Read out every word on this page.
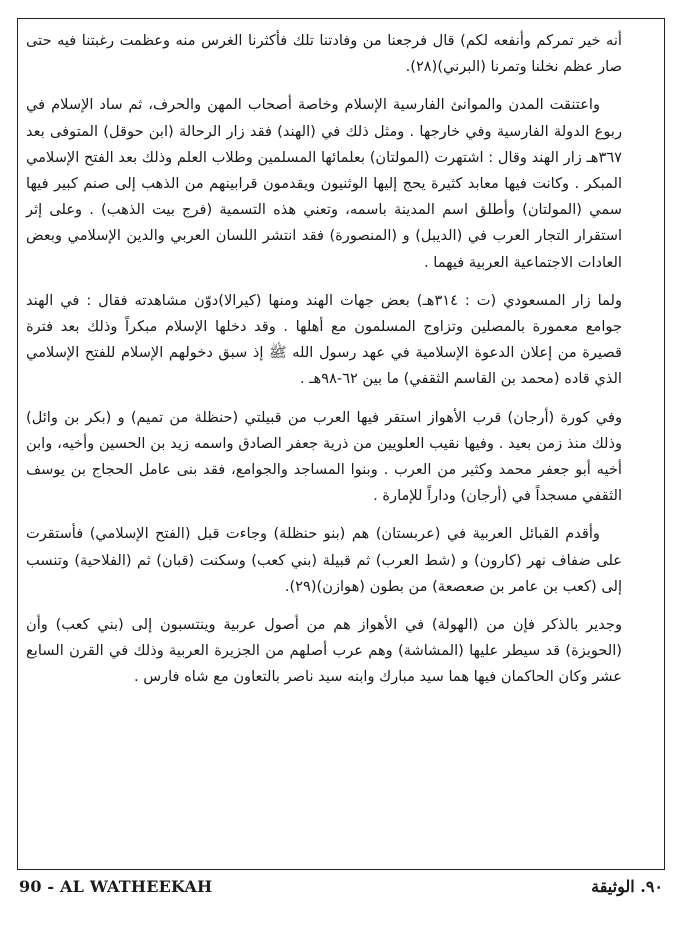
أنه خير تمركم وأنفعه لكم) قال فرجعنا من وفادتنا تلك فأكثرنا الغرس منه وعظمت رغبتنا فيه حتى صار عظم نخلنا وتمرنا (البرني)(٢٨).

واعتنقت المدن والموانئ الفارسية الإسلام وخاصة أصحاب المهن والحرف، ثم ساد الإسلام في ربوع الدولة الفارسية وفي خارجها . ومثل ذلك في (الهند) فقد زار الرحالة (ابن حوقل) المتوفى بعد ٣٦٧هـ زار الهند وقال : اشتهرت (المولتان) بعلمائها المسلمين وطلاب العلم وذلك بعد الفتح الإسلامي المبكر . وكانت فيها معابد كثيرة يحج إليها الوثنيون ويقدمون قرابينهم من الذهب إلى صنم كبير فيها سمي (المولتان) وأطلق اسم المدينة باسمه، وتعني هذه التسمية (فرج بيت الذهب) . وعلى إثر استقرار التجار العرب في (الديبل) و (المنصورة) فقد انتشر اللسان العربي والدين الإسلامي وبعض العادات الاجتماعية العربية فيهما .

ولما زار المسعودي (ت : ٣١٤هـ) بعض جهات الهند ومنها (كيرالا)دوّن مشاهدته فقال : في الهند جوامع معمورة بالمصلين وتزاوج المسلمون مع أهلها . وقد دخلها الإسلام مبكراً وذلك بعد فترة قصيرة من إعلان الدعوة الإسلامية في عهد رسول الله ﷺ إذ سبق دخولهم الإسلام للفتح الإسلامي الذي قاده (محمد بن القاسم الثقفي) ما بين ٦٢-٩٨هـ .

وفي كورة (أرجان) قرب الأهواز استقر فيها العرب من قبيلتي (حنظلة من تميم) و (بكر بن وائل) وذلك منذ زمن بعيد . وفيها نقيب العلويين من ذرية جعفر الصادق واسمه زيد بن الحسين وأخيه، وابن أخيه أبو جعفر محمد وكثير من العرب . وبنوا المساجد والجوامع، فقد بنى عامل الحجاج بن يوسف الثقفي مسجداً في (أرجان) وداراً للإمارة .

وأقدم القبائل العربية في (عربستان) هم (بنو حنظلة) وجاءت قبل (الفتح الإسلامي) فأستقرت على ضفاف نهر (كارون) و (شط العرب) ثم قبيلة (بني كعب) وسكنت (قبان) ثم (الفلاحية) وتنسب إلى (كعب بن عامر بن صعصعة) من بطون (هوازن)(٢٩).

وجدير بالذكر فإن من (الهولة) في الأهواز هم من أصول عربية وينتسبون إلى (بني كعب) وأن (الحويزة) قد سيطر عليها (المشاشة) وهم عرب أصلهم من الجزيرة العربية وذلك في القرن السابع عشر وكان الحاكمان فيها هما سيد مبارك وابنه سيد ناصر بالتعاون مع شاه فارس .

90 - AL WATHEEKAH	٩٠. الوثيقة
